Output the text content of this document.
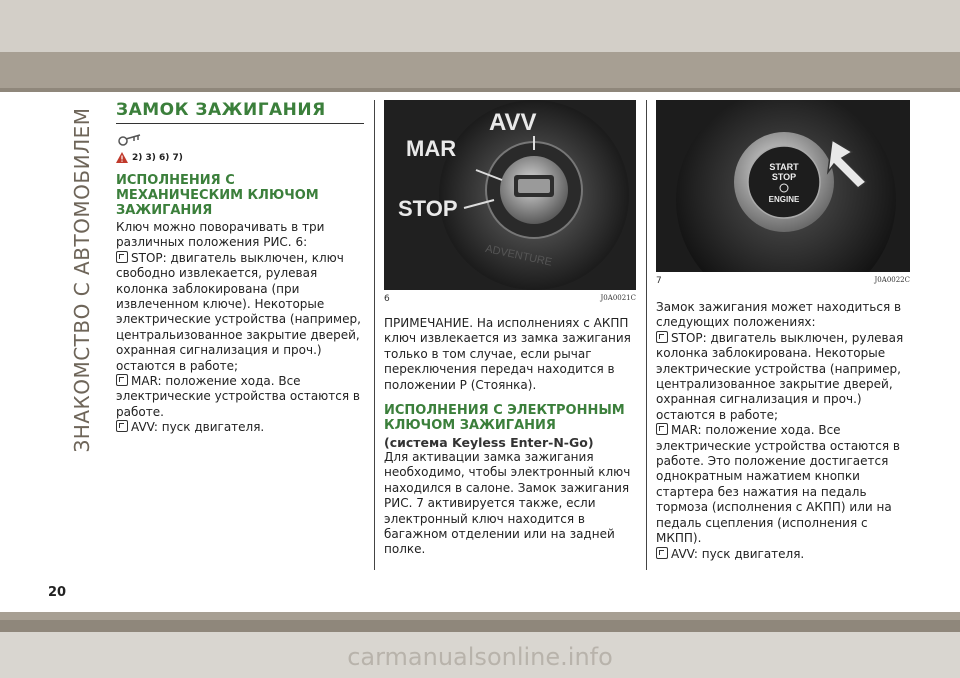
ЗНАКОМСТВО С АВТОМОБИЛЕМ ЗАМОК ЗАЖИГАНИЯ
2) 3) 6) 7)
ИСПОЛНЕНИЯ С МЕХАНИЧЕСКИМ КЛЮЧОМ ЗАЖИГАНИЯ

Ключ можно поворачивать в три различных положения РИС. 6:

STOP: двигатель выключен, ключ свободно извлекается, рулевая колонка заблокирована (при извлеченном ключе). Некоторые электрические устройства (например, центральизованное закрытие дверей, охранная сигнализация и проч.) остаются в работе;

MAR: положение хода. Все электрические устройства остаются в работе.

AVV: пуск двигателя.

AVV
MAR
STOP
ADVENTURE
6	J0A0021C

ПРИМЕЧАНИЕ. На исполнениях с АКПП ключ извлекается из замка зажигания только в том случае, если рычаг переключения передач находится в положении P (Стоянка).

ИСПОЛНЕНИЯ С ЭЛЕКТРОННЫМ КЛЮЧОМ ЗАЖИГАНИЯ

(система Keyless Enter-N-Go)

Для активации замка зажигания необходимо, чтобы электронный ключ находился в салоне. Замок зажигания РИС. 7 активируется также, если электронный ключ находится в багажном отделении или на задней полке.

START
STOP
ENGINE
7	J0A0022C

Замок зажигания может находиться в следующих положениях:

STOP: двигатель выключен, рулевая колонка заблокирована. Некоторые электрические устройства (например, централизованное закрытие дверей, охранная сигнализация и проч.) остаются в работе;

MAR: положение хода. Все электрические устройства остаются в работе. Это положение достигается однократным нажатием кнопки стартера без нажатия на педаль тормоза (исполнения с АКПП) или на педаль сцепления (исполнения с МКПП).

AVV: пуск двигателя.

20
carmanualsonline.info
